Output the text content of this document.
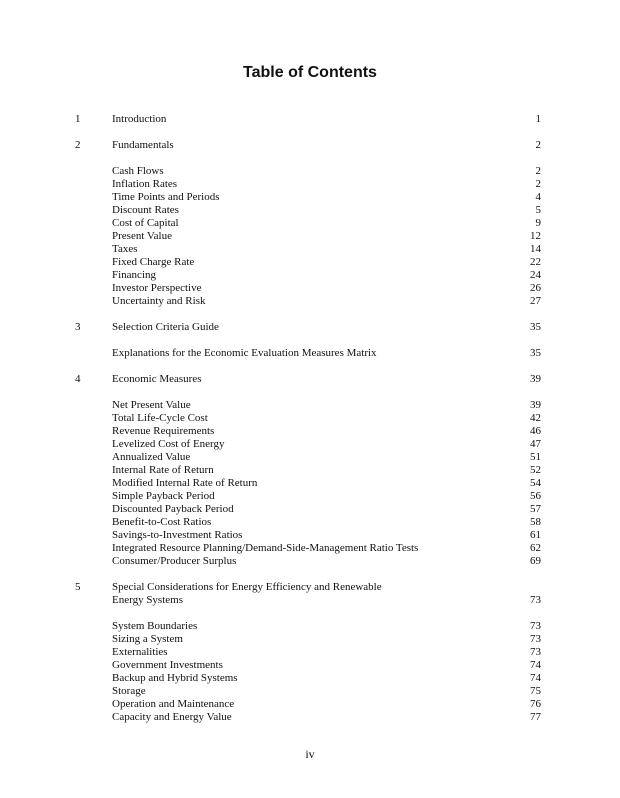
Table of Contents
1	Introduction	1
2	Fundamentals	2
Cash Flows	2
Inflation Rates	2
Time Points and Periods	4
Discount Rates	5
Cost of Capital	9
Present Value	12
Taxes	14
Fixed Charge Rate	22
Financing	24
Investor Perspective	26
Uncertainty and Risk	27
3	Selection Criteria Guide	35
Explanations for the Economic Evaluation Measures Matrix	35
4	Economic Measures	39
Net Present Value	39
Total Life-Cycle Cost	42
Revenue Requirements	46
Levelized Cost of Energy	47
Annualized Value	51
Internal Rate of Return	52
Modified Internal Rate of Return	54
Simple Payback Period	56
Discounted Payback Period	57
Benefit-to-Cost Ratios	58
Savings-to-Investment Ratios	61
Integrated Resource Planning/Demand-Side-Management Ratio Tests	62
Consumer/Producer Surplus	69
5	Special Considerations for Energy Efficiency and Renewable
Energy Systems	73
System Boundaries	73
Sizing a System	73
Externalities	73
Government Investments	74
Backup and Hybrid Systems	74
Storage	75
Operation and Maintenance	76
Capacity and Energy Value	77
iv
